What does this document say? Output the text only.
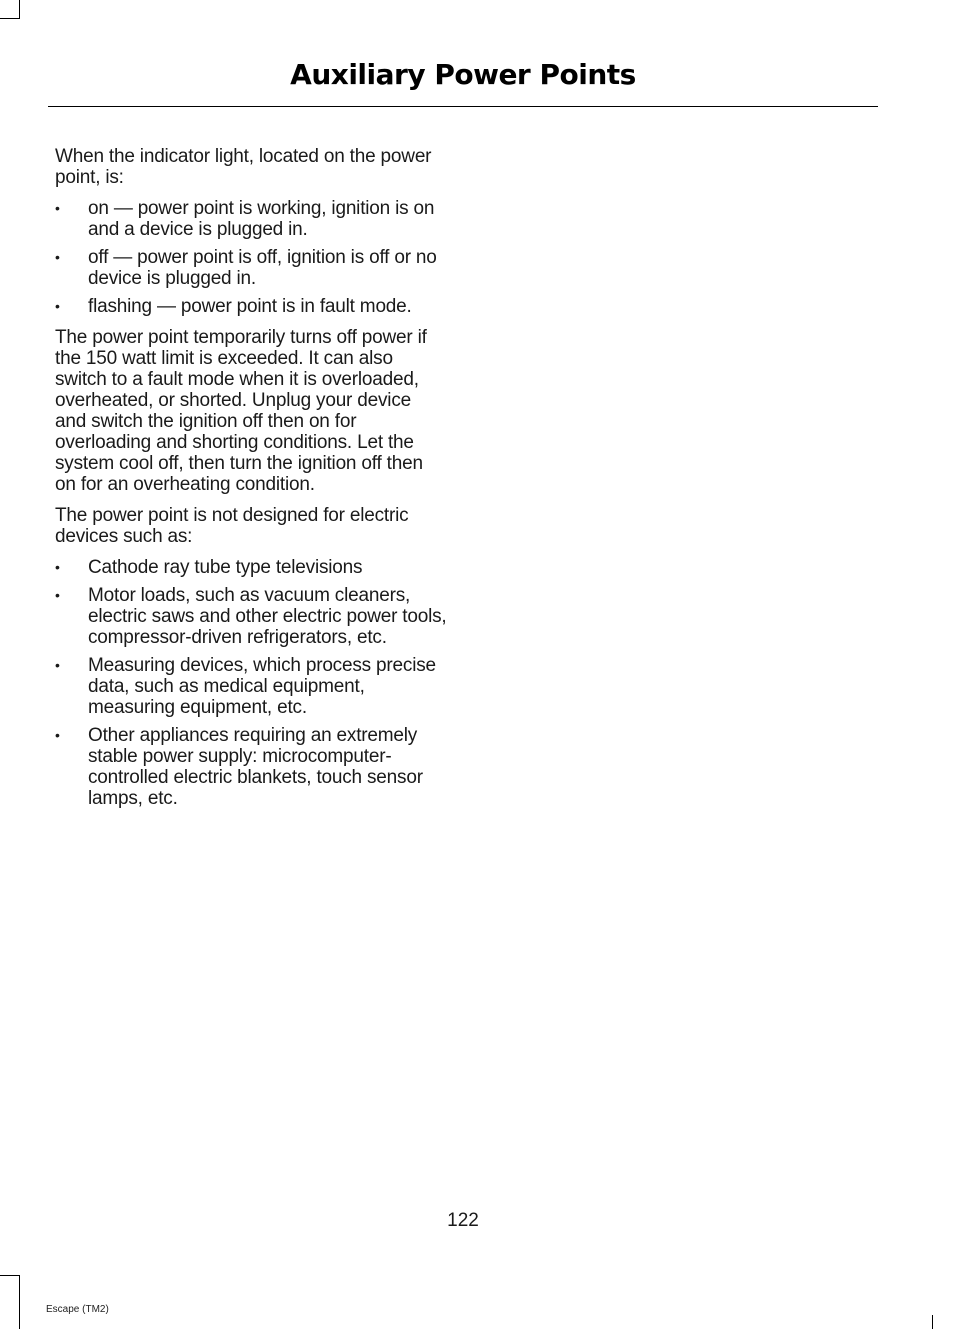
Auxiliary Power Points

When the indicator light, located on the power point, is:

• on — power point is working, ignition is on and a device is plugged in.
• off — power point is off, ignition is off or no device is plugged in.
• flashing — power point is in fault mode.

The power point temporarily turns off power if the 150 watt limit is exceeded. It can also switch to a fault mode when it is overloaded, overheated, or shorted. Unplug your device and switch the ignition off then on for overloading and shorting conditions. Let the system cool off, then turn the ignition off then on for an overheating condition.

The power point is not designed for electric devices such as:

• Cathode ray tube type televisions
• Motor loads, such as vacuum cleaners, electric saws and other electric power tools, compressor-driven refrigerators, etc.
• Measuring devices, which process precise data, such as medical equipment, measuring equipment, etc.
• Other appliances requiring an extremely stable power supply: microcomputer-controlled electric blankets, touch sensor lamps, etc.
122
Escape (TM2)
